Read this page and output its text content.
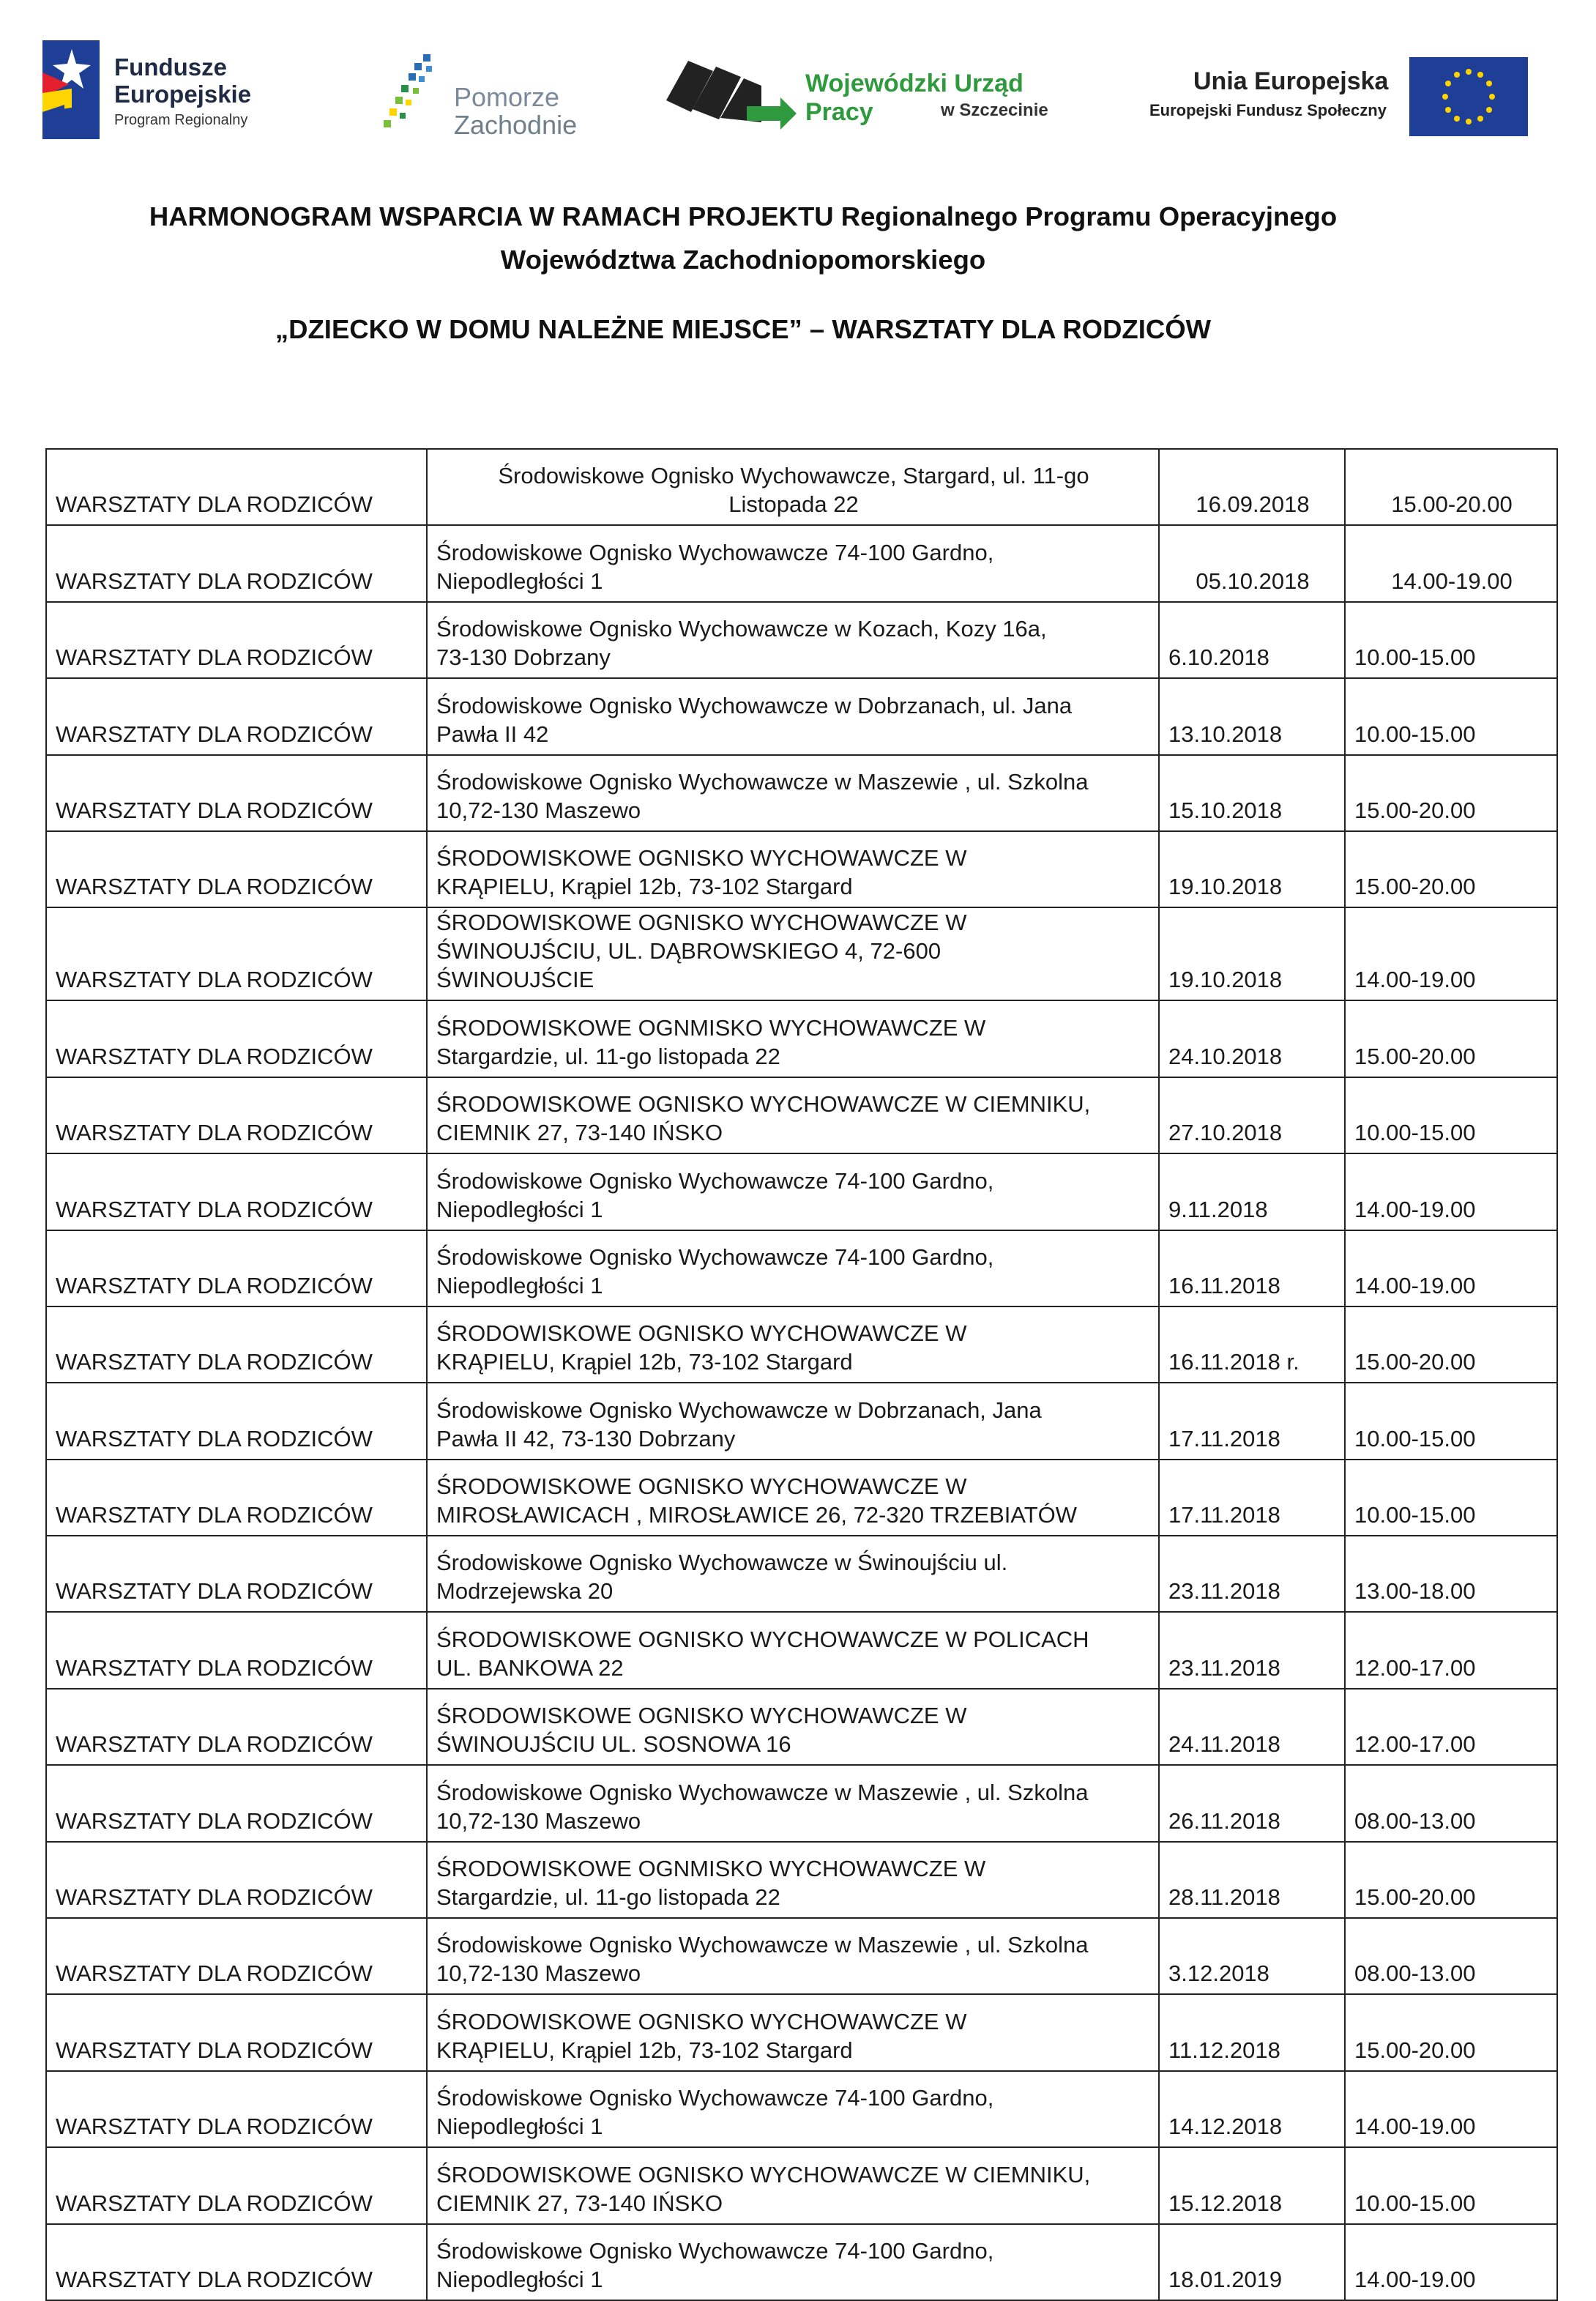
Fundusze
Europejskie
Program Regionalny
Pomorze
Zachodnie
Wojewódzki Urząd Pracy	w Szczecinie
Unia Europejska
Europejski Fundusz Społeczny
HARMONOGRAM WSPARCIA W RAMACH PROJEKTU Regionalnego Programu Operacyjnego
Województwa Zachodniopomorskiego
„DZIECKO W DOMU NALEŻNE MIEJSCE” – WARSZTATY DLA RODZICÓW
WARSZTATY DLA RODZICÓW	Środowiskowe Ognisko Wychowawcze, Stargard, ul. 11-go
Listopada 22	16.09.2018	15.00-20.00
WARSZTATY DLA RODZICÓW	Środowiskowe Ognisko Wychowawcze 74-100 Gardno,
Niepodległości 1	05.10.2018	14.00-19.00
WARSZTATY DLA RODZICÓW	Środowiskowe Ognisko Wychowawcze w Kozach, Kozy 16a,
73-130 Dobrzany	6.10.2018	10.00-15.00
WARSZTATY DLA RODZICÓW	Środowiskowe Ognisko Wychowawcze w Dobrzanach, ul. Jana
Pawła II 42	13.10.2018	10.00-15.00
WARSZTATY DLA RODZICÓW	Środowiskowe Ognisko Wychowawcze w Maszewie , ul. Szkolna
10,72-130 Maszewo	15.10.2018	15.00-20.00
WARSZTATY DLA RODZICÓW	ŚRODOWISKOWE OGNISKO WYCHOWAWCZE W
KRĄPIELU, Krąpiel 12b, 73-102 Stargard	19.10.2018	15.00-20.00
WARSZTATY DLA RODZICÓW	ŚRODOWISKOWE OGNISKO WYCHOWAWCZE W
ŚWINOUJŚCIU, UL. DĄBROWSKIEGO 4, 72-600
ŚWINOUJŚCIE	19.10.2018	14.00-19.00
WARSZTATY DLA RODZICÓW	ŚRODOWISKOWE OGNMISKO WYCHOWAWCZE W
Stargardzie, ul. 11-go listopada 22	24.10.2018	15.00-20.00
WARSZTATY DLA RODZICÓW	ŚRODOWISKOWE OGNISKO WYCHOWAWCZE W CIEMNIKU,
CIEMNIK 27, 73-140 IŃSKO	27.10.2018	10.00-15.00
WARSZTATY DLA RODZICÓW	Środowiskowe Ognisko Wychowawcze 74-100 Gardno,
Niepodległości 1	9.11.2018	14.00-19.00
WARSZTATY DLA RODZICÓW	Środowiskowe Ognisko Wychowawcze 74-100 Gardno,
Niepodległości 1	16.11.2018	14.00-19.00
WARSZTATY DLA RODZICÓW	ŚRODOWISKOWE OGNISKO WYCHOWAWCZE W
KRĄPIELU, Krąpiel 12b, 73-102 Stargard	16.11.2018 r.	15.00-20.00
WARSZTATY DLA RODZICÓW	Środowiskowe Ognisko Wychowawcze w Dobrzanach, Jana
Pawła II 42, 73-130 Dobrzany	17.11.2018	10.00-15.00
WARSZTATY DLA RODZICÓW	ŚRODOWISKOWE OGNISKO WYCHOWAWCZE W
MIROSŁAWICACH , MIROSŁAWICE 26, 72-320 TRZEBIATÓW	17.11.2018	10.00-15.00
WARSZTATY DLA RODZICÓW	Środowiskowe Ognisko Wychowawcze w Świnoujściu ul.
Modrzejewska 20	23.11.2018	13.00-18.00
WARSZTATY DLA RODZICÓW	ŚRODOWISKOWE OGNISKO WYCHOWAWCZE W POLICACH
UL. BANKOWA 22	23.11.2018	12.00-17.00
WARSZTATY DLA RODZICÓW	ŚRODOWISKOWE OGNISKO WYCHOWAWCZE W
ŚWINOUJŚCIU UL. SOSNOWA 16	24.11.2018	12.00-17.00
WARSZTATY DLA RODZICÓW	Środowiskowe Ognisko Wychowawcze w Maszewie , ul. Szkolna
10,72-130 Maszewo	26.11.2018	08.00-13.00
WARSZTATY DLA RODZICÓW	ŚRODOWISKOWE OGNMISKO WYCHOWAWCZE W
Stargardzie, ul. 11-go listopada 22	28.11.2018	15.00-20.00
WARSZTATY DLA RODZICÓW	Środowiskowe Ognisko Wychowawcze w Maszewie , ul. Szkolna
10,72-130 Maszewo	3.12.2018	08.00-13.00
WARSZTATY DLA RODZICÓW	ŚRODOWISKOWE OGNISKO WYCHOWAWCZE W
KRĄPIELU, Krąpiel 12b, 73-102 Stargard	11.12.2018	15.00-20.00
WARSZTATY DLA RODZICÓW	Środowiskowe Ognisko Wychowawcze 74-100 Gardno,
Niepodległości 1	14.12.2018	14.00-19.00
WARSZTATY DLA RODZICÓW	ŚRODOWISKOWE OGNISKO WYCHOWAWCZE W CIEMNIKU,
CIEMNIK 27, 73-140 IŃSKO	15.12.2018	10.00-15.00
WARSZTATY DLA RODZICÓW	Środowiskowe Ognisko Wychowawcze 74-100 Gardno,
Niepodległości 1	18.01.2019	14.00-19.00
